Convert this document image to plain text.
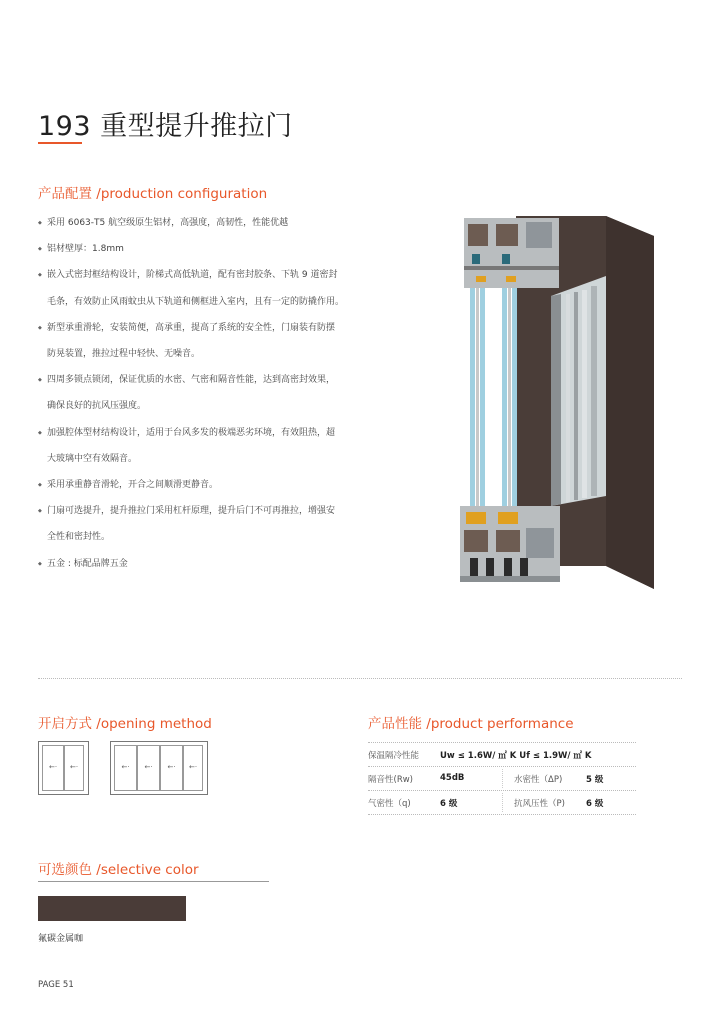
193 重型提升推拉门
产品配置 /production configuration
◆ 采用 6063-T5 航空级原生铝材，高强度，高韧性，性能优越
◆ 铝材壁厚：1.8mm
◆ 嵌入式密封框结构设计，阶梯式高低轨道，配有密封胶条、下轨 9 道密封
毛条，有效防止风雨蚊虫从下轨道和侧框进入室内，且有一定的防撬作用。
◆ 新型承重滑轮，安装简便，高承重，提高了系统的安全性，门扇装有防摆
防晃装置，推拉过程中轻快、无噪音。
◆ 四周多锁点锁闭，保证优质的水密、气密和隔音性能，达到高密封效果，
确保良好的抗风压强度。
◆ 加强腔体型材结构设计，适用于台风多发的极端恶劣环境，有效阻热，超
大玻璃中空有效隔音。
◆ 采用承重静音滑轮，开合之间顺滑更静音。
◆ 门扇可选提升，提升推拉门采用杠杆原理，提升后门不可再推拉，增强安
全性和密封性。
◆ 五金 : 标配品牌五金
开启方式 /opening method
←· ←·	←· ←· ←· ←·
产品性能 /product performance
保温隔冷性能 Uw ≤ 1.6W/ ㎡ K Uf ≤ 1.9W/ ㎡ K
隔音性(Rw)	45dB	水密性（ΔP)	5 级
气密性（q)	6 级	抗风压性（P) 6 级
可选颜色 /selective color
氟碳金属咖
PAGE 51
